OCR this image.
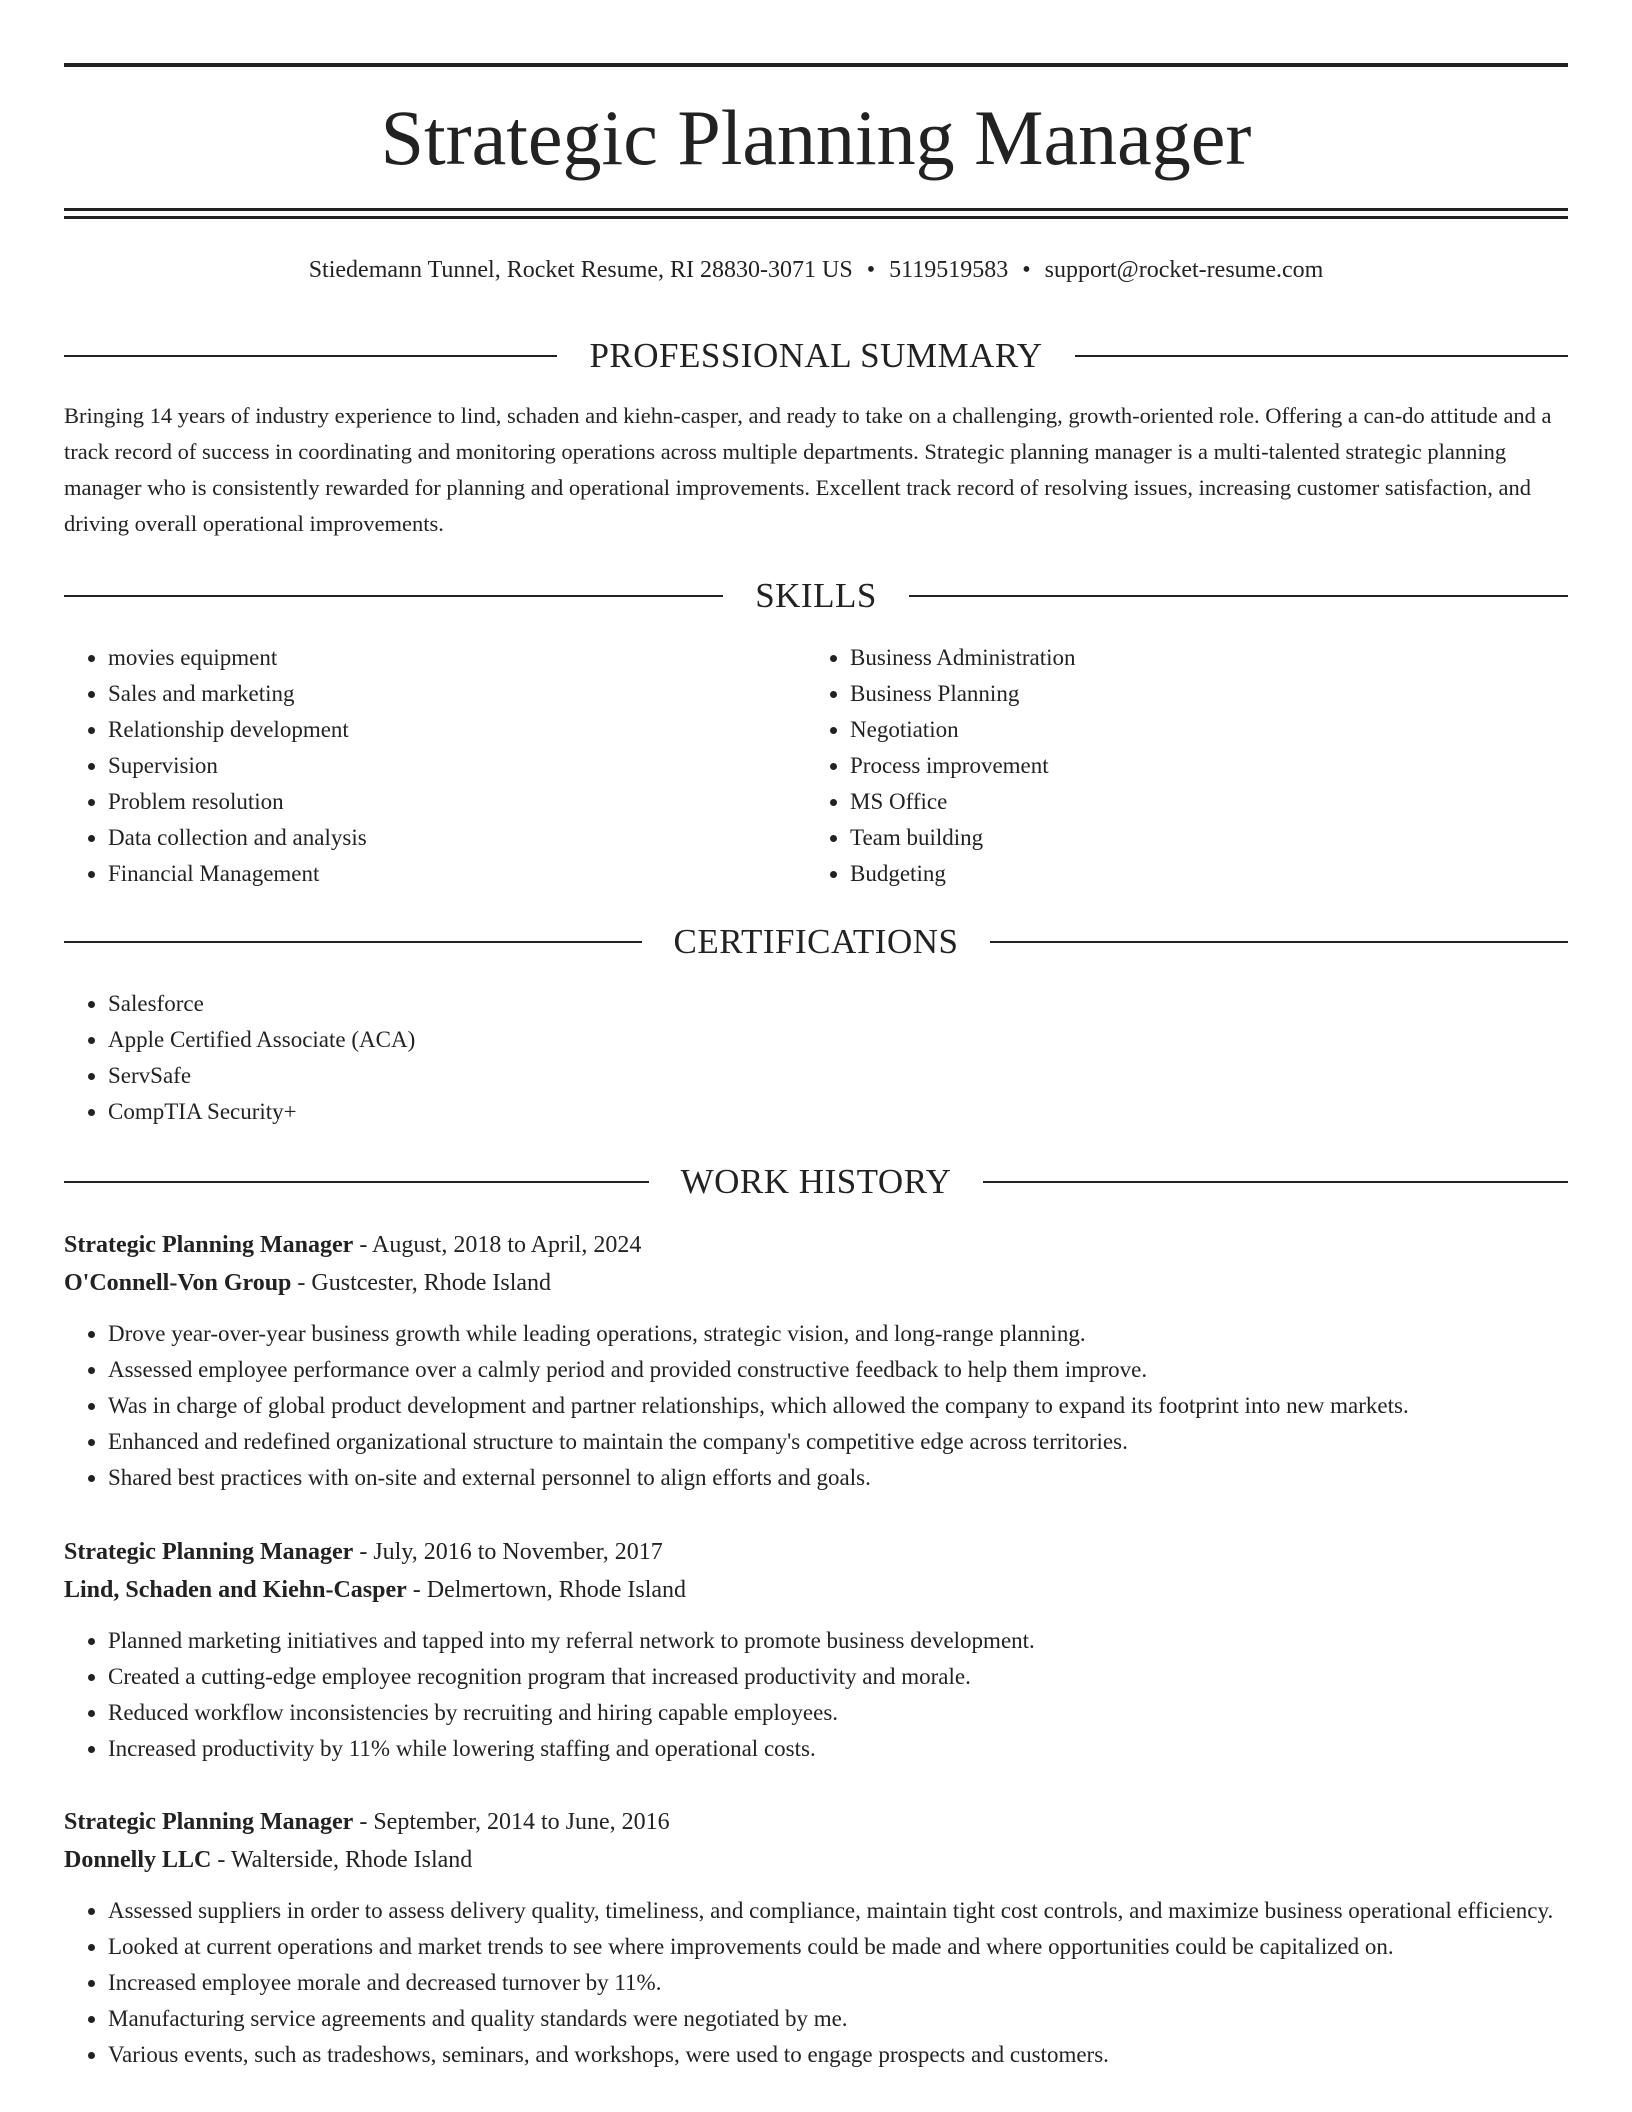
Strategic Planning Manager
Stiedemann Tunnel, Rocket Resume, RI 28830-3071 US • 5119519583 • support@rocket-resume.com
PROFESSIONAL SUMMARY
Bringing 14 years of industry experience to lind, schaden and kiehn-casper, and ready to take on a challenging, growth-oriented role. Offering a can-do attitude and a track record of success in coordinating and monitoring operations across multiple departments. Strategic planning manager is a multi-talented strategic planning manager who is consistently rewarded for planning and operational improvements. Excellent track record of resolving issues, increasing customer satisfaction, and driving overall operational improvements.
SKILLS
• movies equipment
• Sales and marketing
• Relationship development
• Supervision
• Problem resolution
• Data collection and analysis
• Financial Management
• Business Administration
• Business Planning
• Negotiation
• Process improvement
• MS Office
• Team building
• Budgeting
CERTIFICATIONS
• Salesforce
• Apple Certified Associate (ACA)
• ServSafe
• CompTIA Security+
WORK HISTORY
Strategic Planning Manager - August, 2018 to April, 2024
O'Connell-Von Group - Gustcester, Rhode Island
• Drove year-over-year business growth while leading operations, strategic vision, and long-range planning.
• Assessed employee performance over a calmly period and provided constructive feedback to help them improve.
• Was in charge of global product development and partner relationships, which allowed the company to expand its footprint into new markets.
• Enhanced and redefined organizational structure to maintain the company's competitive edge across territories.
• Shared best practices with on-site and external personnel to align efforts and goals.
Strategic Planning Manager - July, 2016 to November, 2017
Lind, Schaden and Kiehn-Casper - Delmertown, Rhode Island
• Planned marketing initiatives and tapped into my referral network to promote business development.
• Created a cutting-edge employee recognition program that increased productivity and morale.
• Reduced workflow inconsistencies by recruiting and hiring capable employees.
• Increased productivity by 11% while lowering staffing and operational costs.
Strategic Planning Manager - September, 2014 to June, 2016
Donnelly LLC - Walterside, Rhode Island
• Assessed suppliers in order to assess delivery quality, timeliness, and compliance, maintain tight cost controls, and maximize business operational efficiency.
• Looked at current operations and market trends to see where improvements could be made and where opportunities could be capitalized on.
• Increased employee morale and decreased turnover by 11%.
• Manufacturing service agreements and quality standards were negotiated by me.
• Various events, such as tradeshows, seminars, and workshops, were used to engage prospects and customers.
